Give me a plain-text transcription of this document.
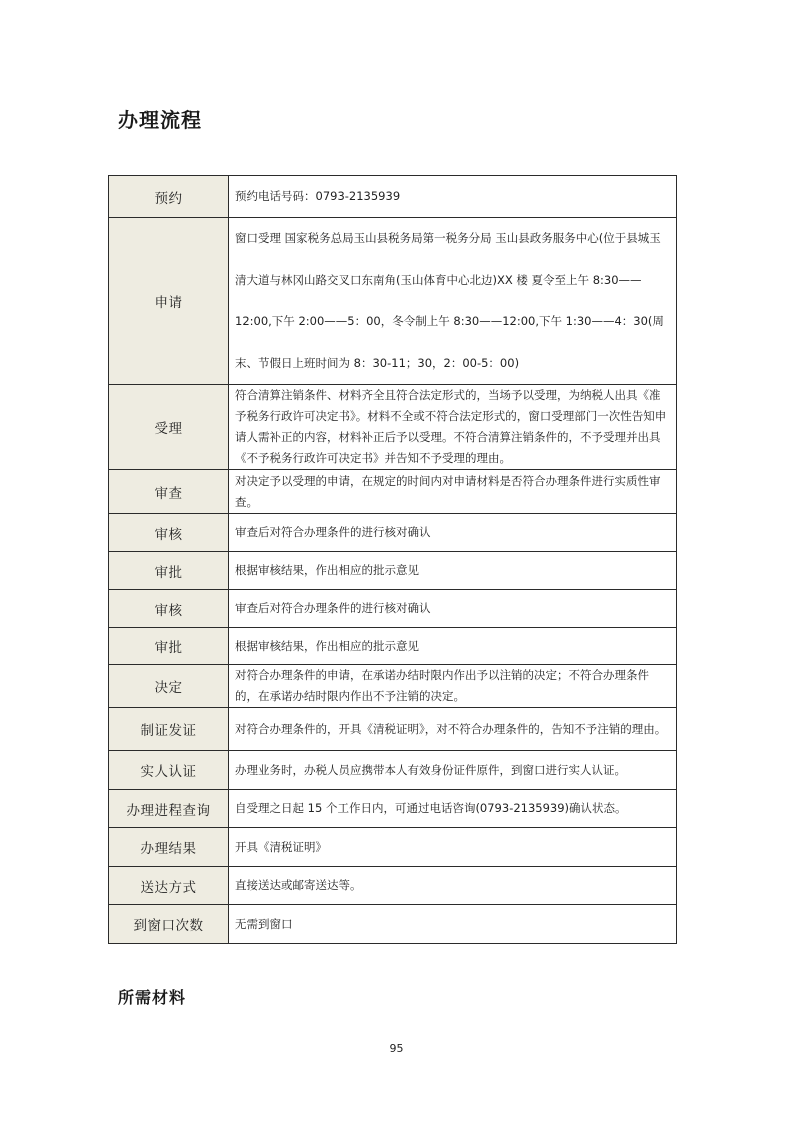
办理流程
预约	预约电话号码：0793-2135939
申请	窗口受理 国家税务总局玉山县税务局第一税务分局 玉山县政务服务中心(位于县城玉清大道与林冈山路交叉口东南角(玉山体育中心北边)XX 楼 夏令至上午 8:30——12:00,下午 2:00——5：00，冬令制上午 8:30——12:00,下午 1:30——4：30(周末、节假日上班时间为 8：30-11；30，2：00-5：00)
受理	符合清算注销条件、材料齐全且符合法定形式的，当场予以受理，为纳税人出具《准予税务行政许可决定书》。材料不全或不符合法定形式的，窗口受理部门一次性告知申请人需补正的内容，材料补正后予以受理。不符合清算注销条件的，不予受理并出具《不予税务行政许可决定书》并告知不予受理的理由。
审查	对决定予以受理的申请，在规定的时间内对申请材料是否符合办理条件进行实质性审查。
审核	审查后对符合办理条件的进行核对确认
审批	根据审核结果，作出相应的批示意见
审核	审查后对符合办理条件的进行核对确认
审批	根据审核结果，作出相应的批示意见
决定	对符合办理条件的申请，在承诺办结时限内作出予以注销的决定；不符合办理条件的，在承诺办结时限内作出不予注销的决定。
制证发证	对符合办理条件的，开具《清税证明》，对不符合办理条件的，告知不予注销的理由。
实人认证	办理业务时，办税人员应携带本人有效身份证件原件，到窗口进行实人认证。
办理进程查询	自受理之日起 15 个工作日内，可通过电话咨询(0793-2135939)确认状态。
办理结果	开具《清税证明》
送达方式	直接送达或邮寄送达等。
到窗口次数	无需到窗口
所需材料
95
